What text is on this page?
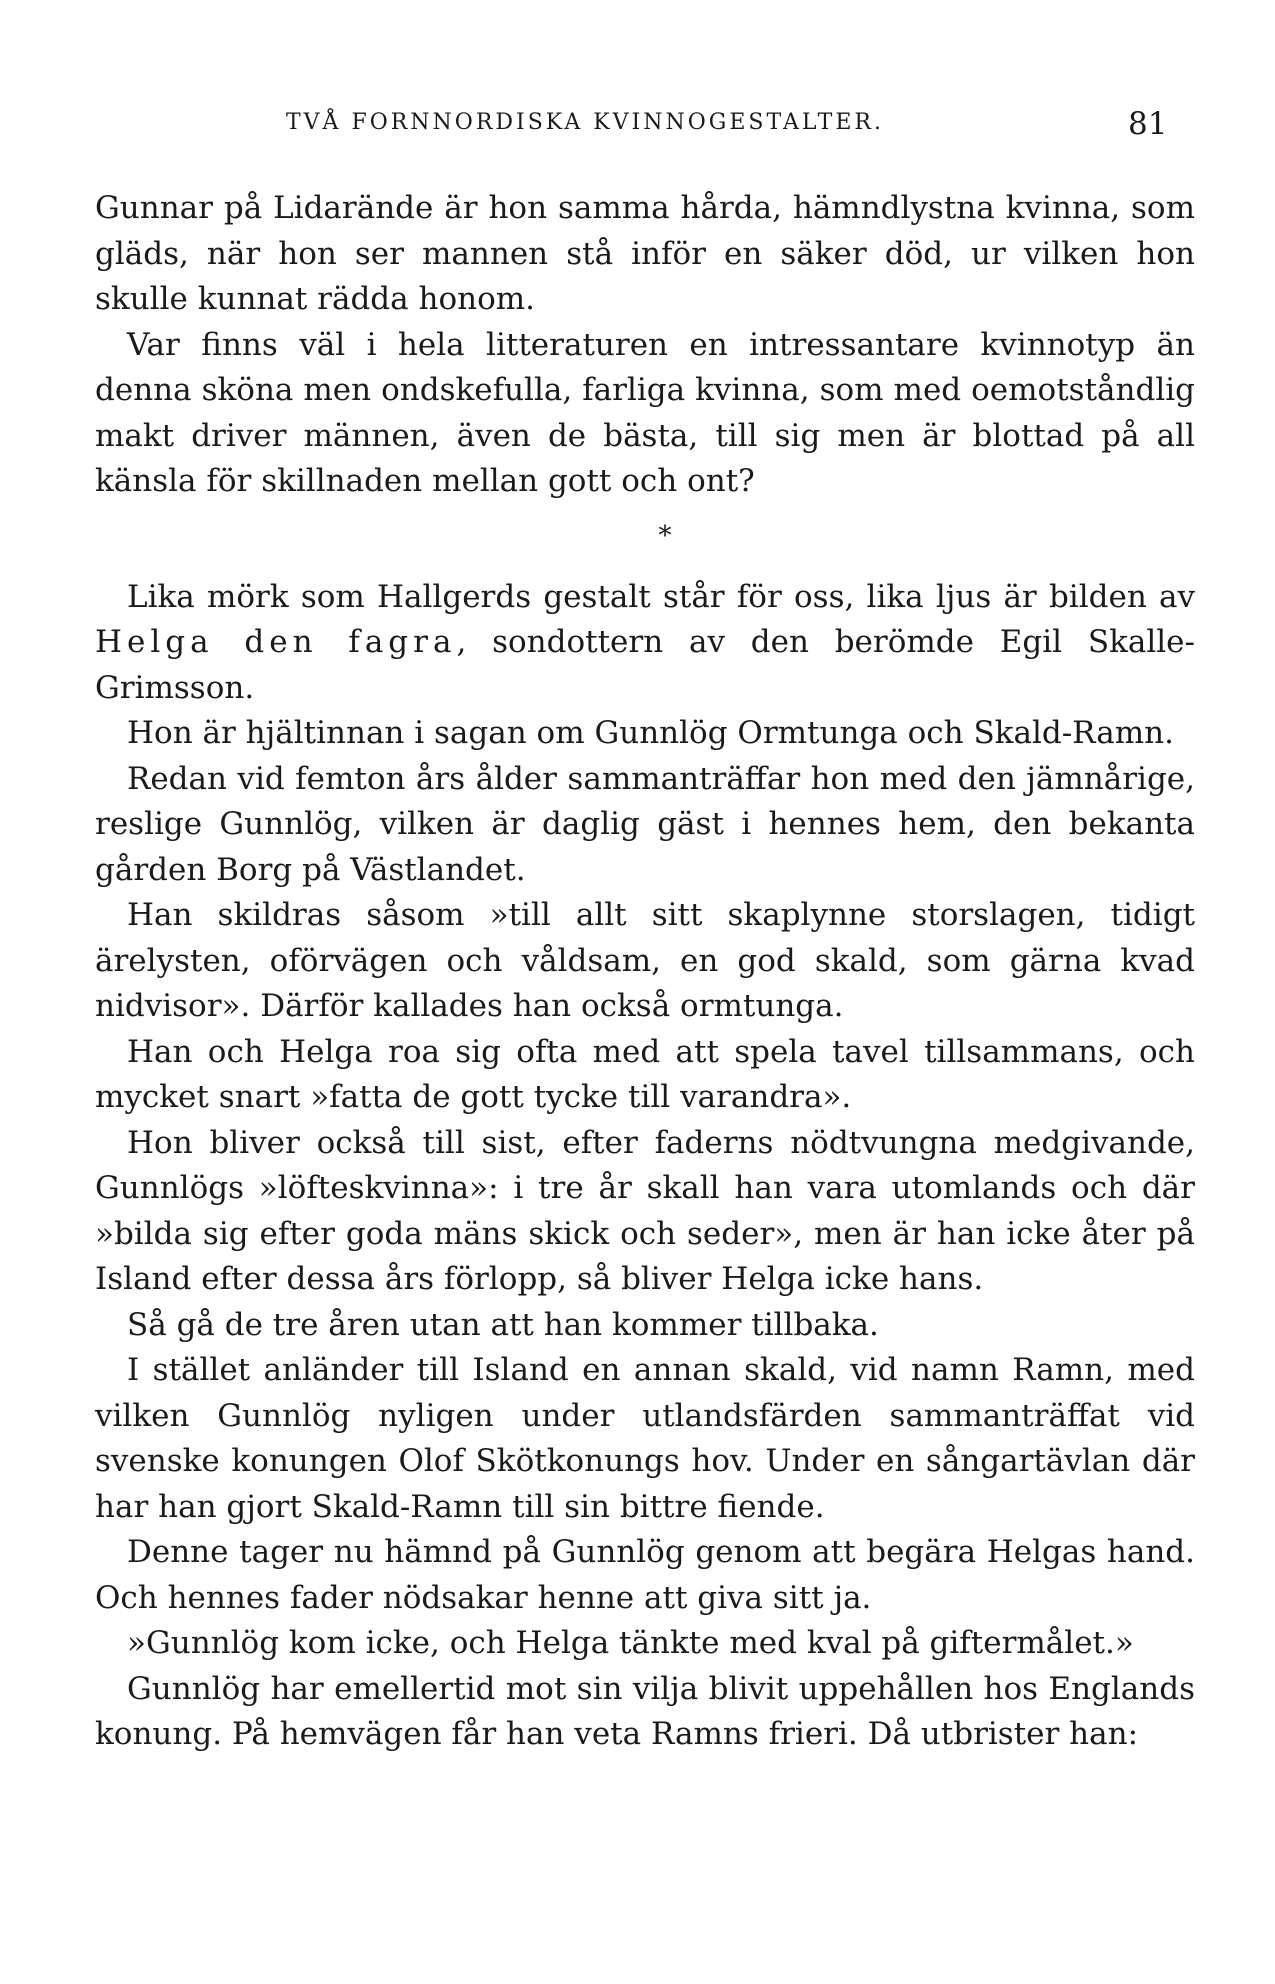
TVÅ FORNNORDISKA KVINNOGESTALTER.	81

Gunnar på Lidarände är hon samma hårda, hämndlystna kvinna, som gläds, när hon ser mannen stå inför en säker död, ur vilken hon skulle kunnat rädda honom.

Var finns väl i hela litteraturen en intressantare kvinnotyp än denna sköna men ondskefulla, farliga kvinna, som med oemotståndlig makt driver männen, även de bästa, till sig men är blottad på all känsla för skillnaden mellan gott och ont?

*

Lika mörk som Hallgerds gestalt står för oss, lika ljus är bilden av Helga den fagra, sondottern av den berömde Egil Skalle-Grimsson.

Hon är hjältinnan i sagan om Gunnlög Ormtunga och Skald-Ramn.

Redan vid femton års ålder sammanträffar hon med den jämnårige, reslige Gunnlög, vilken är daglig gäst i hennes hem, den bekanta gården Borg på Västlandet.

Han skildras såsom »till allt sitt skaplynne storslagen, tidigt ärelysten, oförvägen och våldsam, en god skald, som gärna kvad nidvisor». Därför kallades han också ormtunga.

Han och Helga roa sig ofta med att spela tavel tillsammans, och mycket snart »fatta de gott tycke till varandra».

Hon bliver också till sist, efter faderns nödtvungna medgivande, Gunnlögs »löfteskvinna»: i tre år skall han vara utomlands och där »bilda sig efter goda mäns skick och seder», men är han icke åter på Island efter dessa års förlopp, så bliver Helga icke hans.

Så gå de tre åren utan att han kommer tillbaka.

I stället anländer till Island en annan skald, vid namn Ramn, med vilken Gunnlög nyligen under utlandsfärden sammanträffat vid svenske konungen Olof Skötkonungs hov. Under en sångartävlan där har han gjort Skald-Ramn till sin bittre fiende.

Denne tager nu hämnd på Gunnlög genom att begära Helgas hand. Och hennes fader nödsakar henne att giva sitt ja.

»Gunnlög kom icke, och Helga tänkte med kval på giftermålet.»

Gunnlög har emellertid mot sin vilja blivit uppehållen hos Englands konung. På hemvägen får han veta Ramns frieri. Då utbrister han:
